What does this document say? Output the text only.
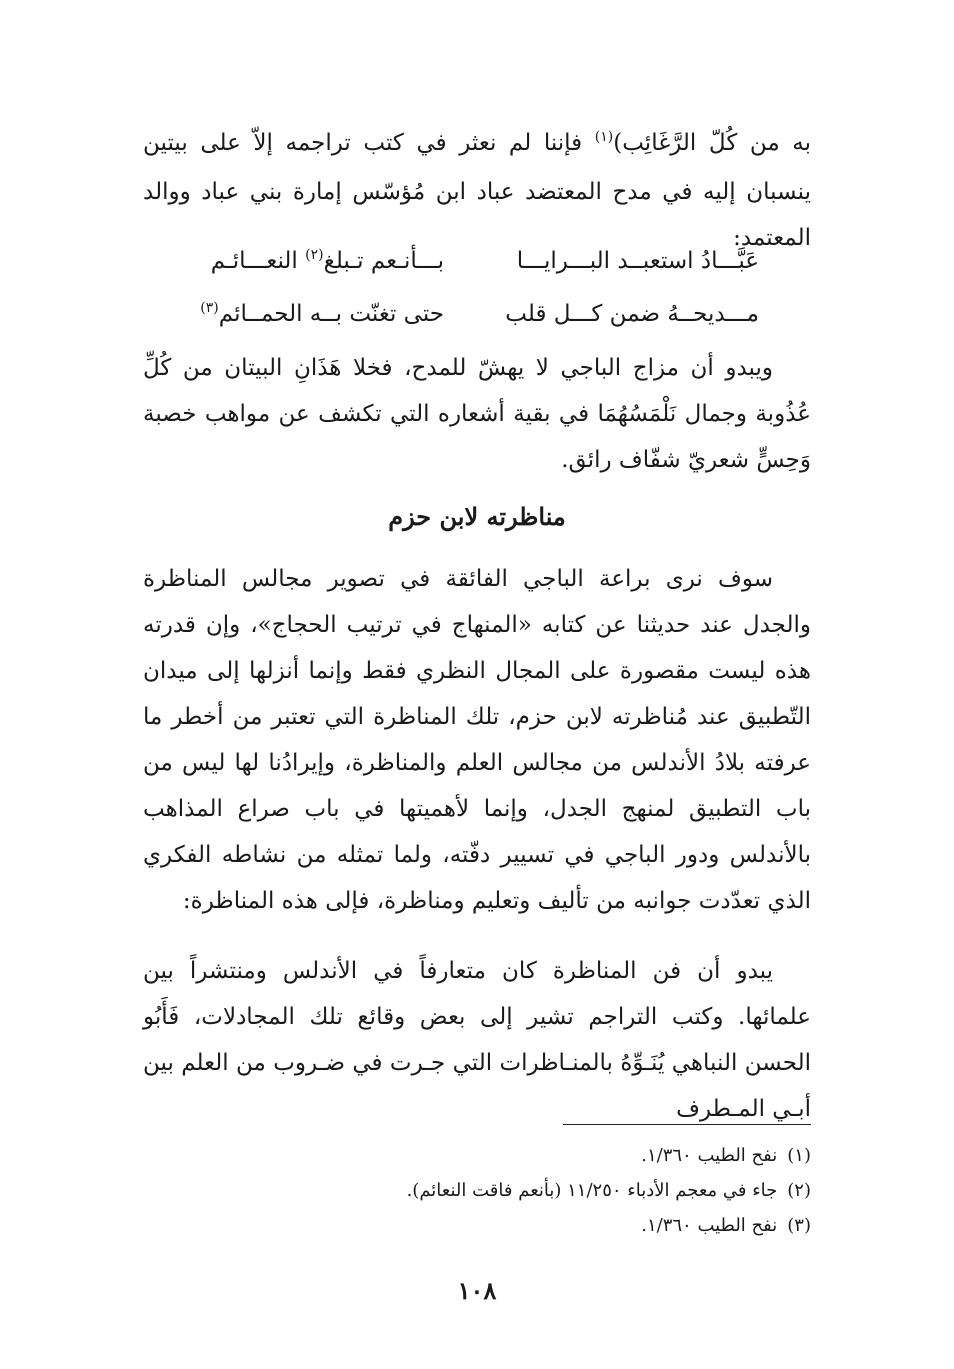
به من كُلّ الرَّغَائِب)$^{(١)}$ فإننا لم نعثر في كتب تراجمه إلاّ على بيتين ينسبان إليه في مدح المعتضد عباد ابن مُؤسّس إمارة بني عباد ووالد المعتمد:

عَبَّـــادُ استعبــد البـــرايـــا
بـــأنـعم تـبلغ$^{(٢)}$ النعـــائـم
مـــديحــهُ ضمن كـــل قلب
حتى تغنّت بــه الحمــائم$^{(٣)}$

ويبدو أن مزاج الباجي لا يهشّ للمدح، فخلا هَذَانِ البيتان من كُلِّ عُذُوبة وجمال نَلْمَسُهُمَا في بقية أشعاره التي تكشف عن مواهب خصبة وَحِسٍّ شعريّ شفّاف رائق.

مناظرته لابن حزم

سوف نرى براعة الباجي الفائقة في تصوير مجالس المناظرة والجدل عند حديثنا عن كتابه «المنهاج في ترتيب الحجاج»، وإن قدرته هذه ليست مقصورة على المجال النظري فقط وإنما أنزلها إلى ميدان التّطبيق عند مُناظرته لابن حزم، تلك المناظرة التي تعتبر من أخطر ما عرفته بلادُ الأندلس من مجالس العلم والمناظرة، وإيرادُنا لها ليس من باب التطبيق لمنهج الجدل، وإنما لأهميتها في باب صراع المذاهب بالأندلس ودور الباجي في تسيير دفّته، ولما تمثله من نشاطه الفكري الذي تعدّدت جوانبه من تأليف وتعليم ومناظرة، فإلى هذه المناظرة:

يبدو أن فن المناظرة كان متعارفاً في الأندلس ومنتشراً بين علمائها. وكتب التراجم تشير إلى بعض وقائع تلك المجادلات، فَأَبُو الحسن النباهي يُنَـوِّهُ بالمنـاظرات التي جـرت في ضـروب من العلم بين أبـي المـطرف

(١)نفح الطيب ١/٣٦٠.

(٢)جاء في معجم الأدباء ١١/٢٥٠ (بأنعم فاقت النعائم).

(٣)نفح الطيب ١/٣٦٠.

١٠٨
